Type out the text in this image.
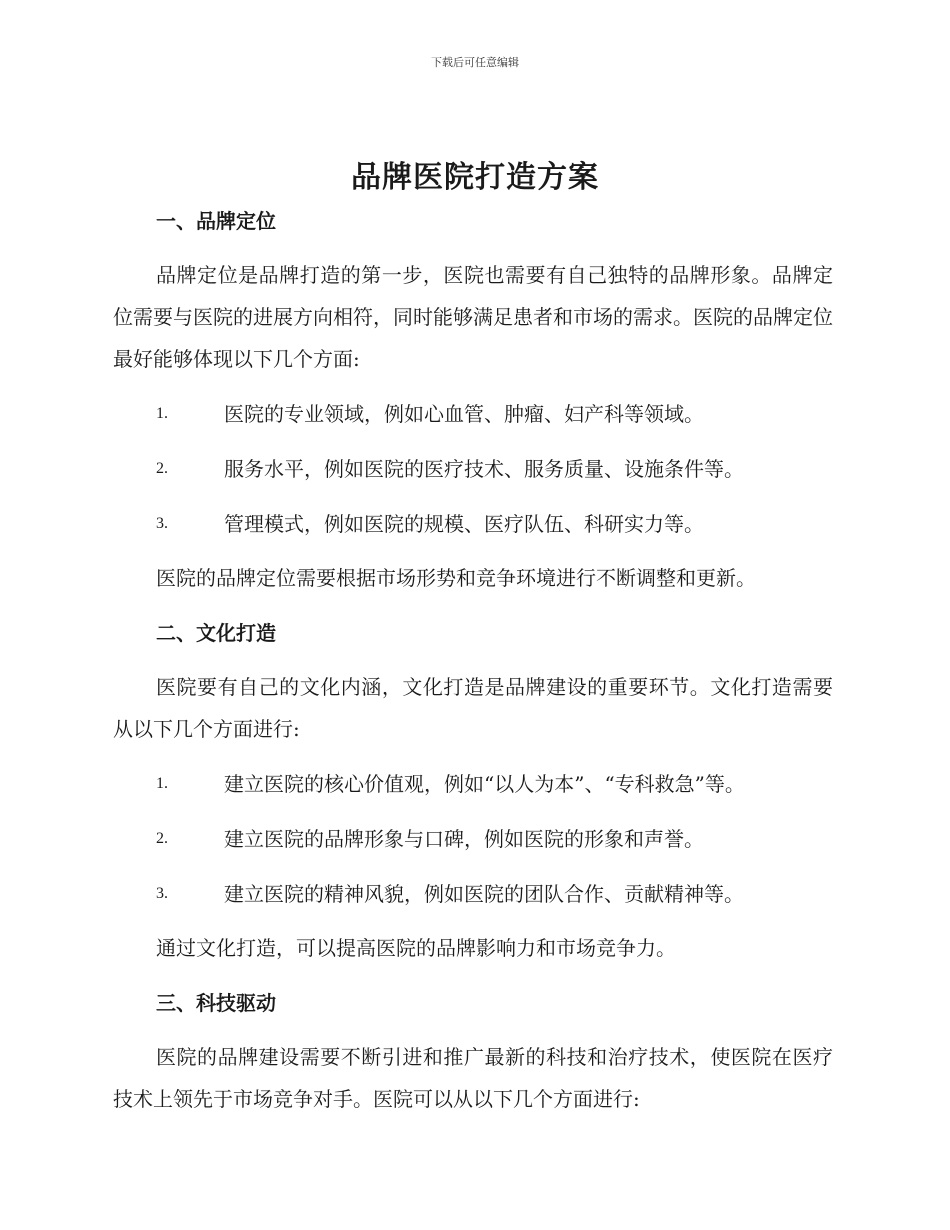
下载后可任意编辑
品牌医院打造方案
一、品牌定位

品牌定位是品牌打造的第一步，医院也需要有自己独特的品牌形象。品牌定位需要与医院的进展方向相符，同时能够满足患者和市场的需求。医院的品牌定位最好能够体现以下几个方面:

1.	医院的专业领域，例如心血管、肿瘤、妇产科等领域。
2.	服务水平，例如医院的医疗技术、服务质量、设施条件等。
3.	管理模式，例如医院的规模、医疗队伍、科研实力等。

医院的品牌定位需要根据市场形势和竞争环境进行不断调整和更新。

二、文化打造

医院要有自己的文化内涵，文化打造是品牌建设的重要环节。文化打造需要从以下几个方面进行:

1.	建立医院的核心价值观，例如“以人为本”、“专科救急”等。
2.	建立医院的品牌形象与口碑，例如医院的形象和声誉。
3.	建立医院的精神风貌，例如医院的团队合作、贡献精神等。

通过文化打造，可以提高医院的品牌影响力和市场竞争力。

三、科技驱动

医院的品牌建设需要不断引进和推广最新的科技和治疗技术，使医院在医疗技术上领先于市场竞争对手。医院可以从以下几个方面进行:
